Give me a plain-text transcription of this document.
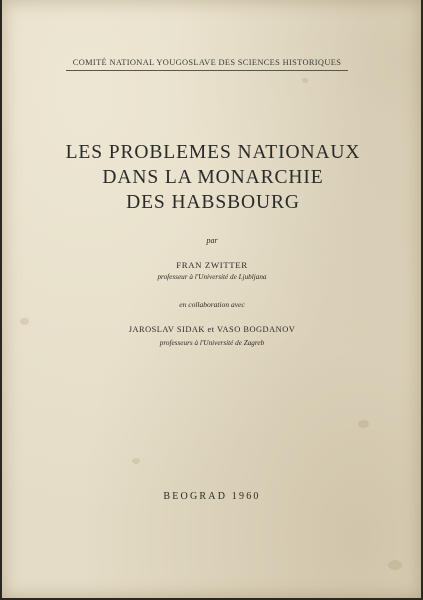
COMITÉ NATIONAL YOUGOSLAVE DES SCIENCES HISTORIQUES
LES PROBLEMES NATIONAUX
DANS LA MONARCHIE
DES HABSBOURG
par
FRAN ZWITTER
professeur à l'Université de Ljubljana
en collaboration avec
JAROSLAV SIDAK et VASO BOGDANOV
professeurs à l'Université de Zagreb
BEOGRAD 1960
